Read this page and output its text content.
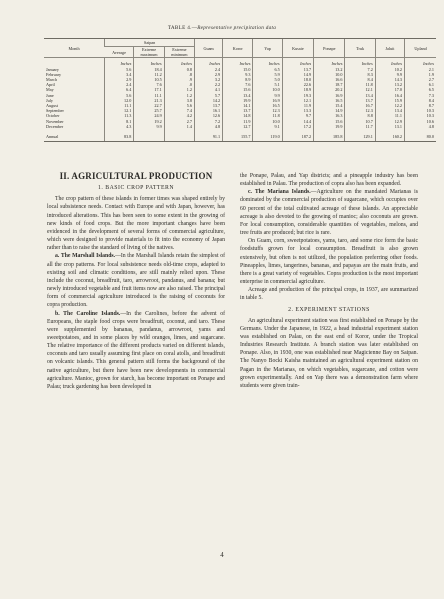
TABLE 4.—Representative precipitation data
Month	Saipan			Guam	Koror	Yap	Kusaie	Ponape	Truk	Jaluit	Upland
	Average	Extreme maximum	Extreme minimum								
	Inches	Inches	Inches	Inches	Inches	Inches	Inches	Inches	Inches	Inches	Inches
January	5.6	18.4	0.8	2.4	15.0	6.5	13.7	13.2	7.2	10.2	2.1
February	3.4	11.2	.8	2.9	9.3	5.9	14.9	10.0	8.3	9.9	1.9
March	2.9	10.5	.9	3.2	8.9	5.0	18.0	16.6	8.4	14.3	2.7
April	2.4	7.6	.0	2.2	7.6	5.1	22.6	18.7	11.8	13.2	6.1
May	6.4	17.1	1.2	4.1	15.6	10.0	18.9	20.2	12.1	17.0	6.5
June	5.6	11.1	1.2	5.7	13.4	9.9	19.3	16.9	13.4	16.4	7.3
July	12.0	21.3	3.8	14.2	19.9	16.9	12.1	16.5	13.7	15.9	8.4
August	11.1	22.7	5.6	13.7	14.1	16.5	11.9	15.4	16.7	12.2	8.7
September	12.1	25.7	7.4	16.1	13.7	12.3	13.3	14.9	12.3	13.4	10.3
October	11.3	24.9	4.2	12.6	14.8	11.8	9.7	16.3	8.8	11.1	10.3
November	8.1	19.2	2.7	7.2	11.9	10.0	14.4	15.6	10.7	12.9	10.6
December	4.3	9.9	1.4	4.8	12.7	9.1	17.2	19.9	11.7	13.1	4.8
Annual	83.8			91.1	155.7	119.0	187.2	185.8	129.1	160.2	80.0
II. AGRICULTURAL PRODUCTION
1. BASIC CROP PATTERN

The crop pattern of these islands in former times was shaped entirely by local subsistence needs. Contact with Europe and with Japan, however, has introduced alterations. This has been seen to some extent in the growing of new kinds of food crops. But the more important changes have been evidenced in the development of several forms of commercial agriculture, which were designed to provide materials to fit into the economy of Japan rather than to raise the standard of living of the natives.

a. The Marshall Islands.—In the Marshall Islands retain the simplest of all the crop patterns. For local subsistence needs old-time crops, adapted to existing soil and climatic conditions, are still mainly relied upon. These include the coconut, breadfruit, taro, arrowroot, pandanus, and banana; but newly introduced vegetable and fruit items now are also raised. The principal form of commercial agriculture introduced is the raising of coconuts for copra production.

b. The Caroline Islands.—In the Carolines, before the advent of Europeans, the staple food crops were breadfruit, coconut, and taro. These were supplemented by bananas, pandanus, arrowroot, yams and sweetpotatoes, and in some places by wild oranges, limes, and sugarcane. The relative importance of the different products varied on different islands, coconuts and taro usually assuming first place on coral atolls, and breadfruit on volcanic islands. This general pattern still forms the background of the native agriculture, but there have been new developments in commercial agriculture. Manioc, grown for starch, has become important on Ponape and Palau; truck gardening has been developed in

the Ponape, Palau, and Yap districts; and a pineapple industry has been established in Palau. The production of copra also has been expanded.

c. The Mariana Islands.—Agriculture on the mandated Marianas is dominated by the commercial production of sugarcane, which occupies over 60 percent of the total cultivated acreage of these islands. An appreciable acreage is also devoted to the growing of manioc; also coconuts are grown. For local consumption, considerable quantities of vegetables, melons, and tree fruits are produced; but rice is rare.

On Guam, corn, sweetpotatoes, yams, taro, and some rice form the basic foodstuffs grown for local consumption. Breadfruit is also grown extensively, but often is not utilized, the population preferring other foods. Pineapples, limes, tangerines, bananas, and papayas are the main fruits, and there is a great variety of vegetables. Copra production is the most important enterprise in commercial agriculture.

Acreage and production of the principal crops, in 1937, are summarized in table 5.

2. EXPERIMENT STATIONS

An agricultural experiment station was first established on Ponape by the Germans. Under the Japanese, in 1922, a head industrial experiment station was established on Palau, on the east end of Koror, under the Tropical Industries Research Institute. A branch station was later established on Ponape. Also, in 1930, one was established near Magicienne Bay on Saipan. The Nanyo Bocki Kaisha maintained an agricultural experiment station on Pagan in the Marianas, on which vegetables, sugarcane, and cotton were grown experimentally. And on Yap there was a demonstration farm where students were given train-

4
